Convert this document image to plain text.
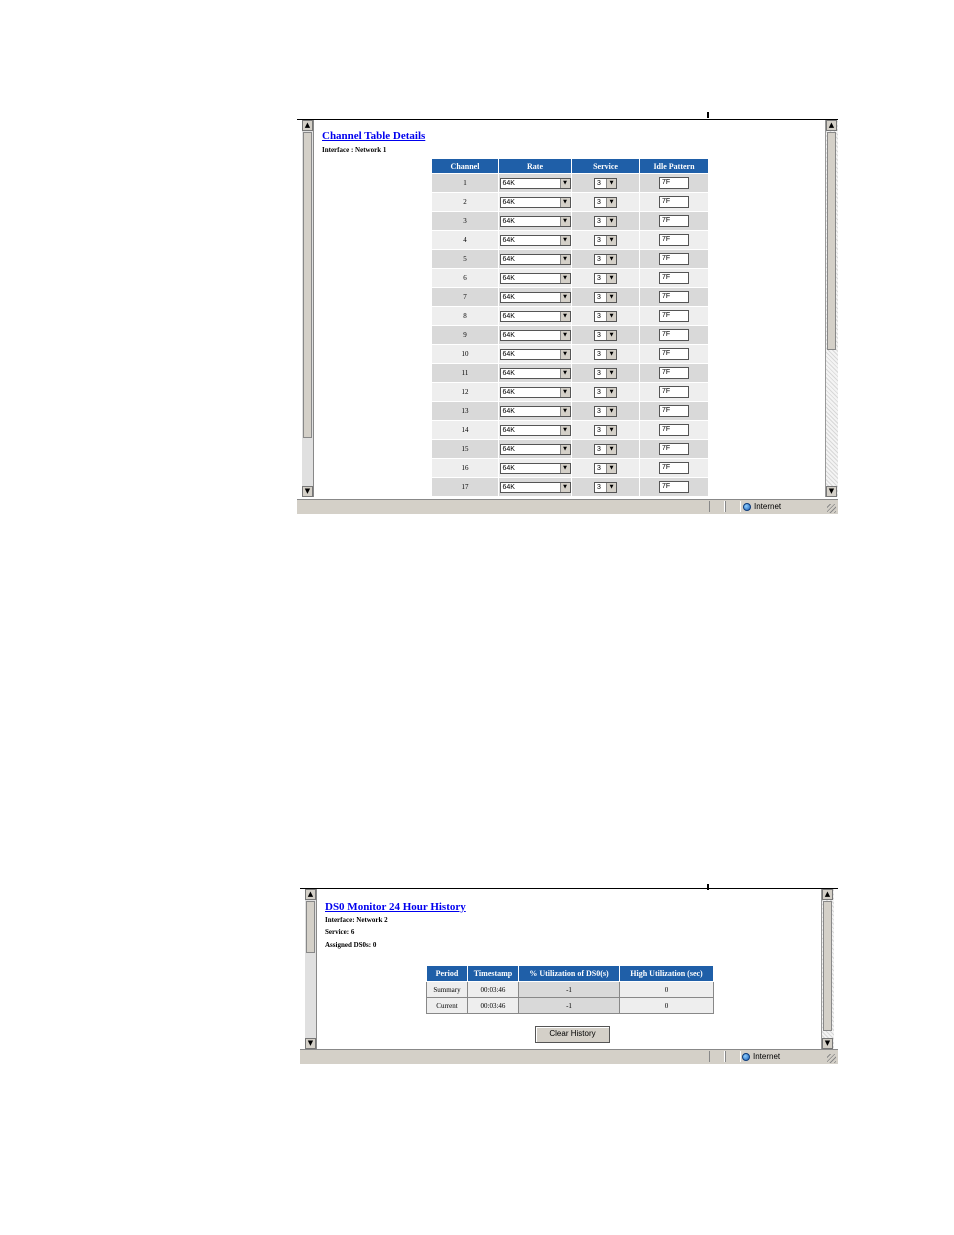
▲
▼
▲
▼
Channel Table Details
Interface : Network 1
Channel	Rate	Service	Idle Pattern
1	64K ▼	3 ▼	7F
2	64K ▼	3 ▼	7F
3	64K ▼	3 ▼	7F
4	64K ▼	3 ▼	7F
5	64K ▼	3 ▼	7F
6	64K ▼	3 ▼	7F
7	64K ▼	3 ▼	7F
8	64K ▼	3 ▼	7F
9	64K ▼	3 ▼	7F
10	64K ▼	3 ▼	7F
11	64K ▼	3 ▼	7F
12	64K ▼	3 ▼	7F
13	64K ▼	3 ▼	7F
14	64K ▼	3 ▼	7F
15	64K ▼	3 ▼	7F
16	64K ▼	3 ▼	7F
17	64K ▼	3 ▼	7F
Internet
▲
▼
▲
▼
DS0 Monitor 24 Hour History
Interface: Network 2
Service: 6
Assigned DS0s: 0
Period	Timestamp	% Utilization of DS0(s)	High Utilization (sec)
Summary	00:03:46	-1	0
Current	00:03:46	-1	0
Clear History
Internet
